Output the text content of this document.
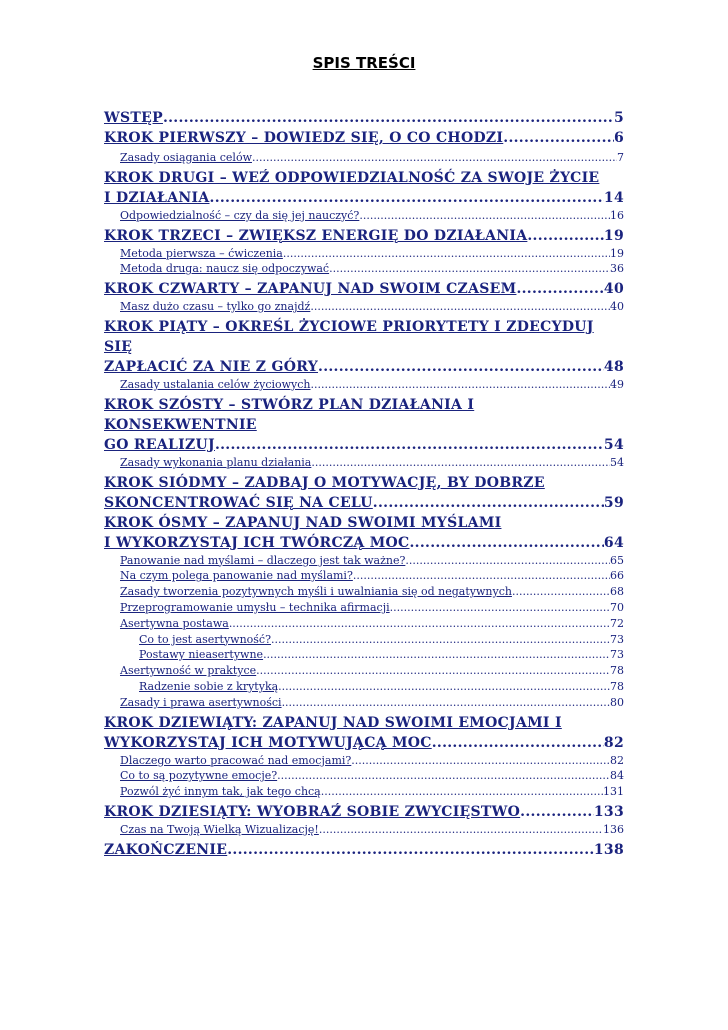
SPIS TREŚCI
WSTĘP .....	5
KROK PIERWSZY – DOWIEDZ SIĘ, O CO CHODZI .....	6
Zasady osiągania celów .....	7
KROK DRUGI – WEŹ ODPOWIEDZIALNOŚĆ ZA SWOJE ŻYCIE
I DZIAŁANIA .....	14
Odpowiedzialność – czy da się jej nauczyć? .....	16
KROK TRZECI – ZWIĘKSZ ENERGIĘ DO DZIAŁANIA .....	19
Metoda pierwsza – ćwiczenia .....	19
Metoda druga: naucz się odpoczywać .....	36
KROK CZWARTY – ZAPANUJ NAD SWOIM CZASEM .....	40
Masz dużo czasu – tylko go znajdź .....	40
KROK PIĄTY – OKREŚL ŻYCIOWE PRIORYTETY I ZDECYDUJ SIĘ
ZAPŁACIĆ ZA NIE Z GÓRY .....	48
Zasady ustalania celów życiowych .....	49
KROK SZÓSTY – STWÓRZ PLAN DZIAŁANIA I KONSEKWENTNIE
GO REALIZUJ .....	54
Zasady wykonania planu działania .....	54
KROK SIÓDMY – ZADBAJ O MOTYWACJĘ, BY DOBRZE
SKONCENTROWAĆ SIĘ NA CELU .....	59
KROK ÓSMY – ZAPANUJ NAD SWOIMI MYŚLAMI
I WYKORZYSTAJ ICH TWÓRCZĄ MOC .....	64
Panowanie nad myślami – dlaczego jest tak ważne? .....	65
Na czym polega panowanie nad myślami? .....	66
Zasady tworzenia pozytywnych myśli i uwalniania się od negatywnych .....	68
Przeprogramowanie umysłu – technika afirmacji .....	70
Asertywna postawa .....	72
Co to jest asertywność? .....	73
Postawy nieasertywne .....	73
Asertywność w praktyce .....	78
Radzenie sobie z krytyką .....	78
Zasady i prawa asertywności .....	80
KROK DZIEWIĄTY: ZAPANUJ NAD SWOIMI EMOCJAMI I
WYKORZYSTAJ ICH MOTYWUJĄCĄ MOC .....	82
Dlaczego warto pracować nad emocjami? .....	82
Co to są pozytywne emocje? .....	84
Pozwól żyć innym tak, jak tego chcą .....	131
KROK DZIESIĄTY: WYOBRAŹ SOBIE ZWYCIĘSTWO .....	133
Czas na Twoją Wielką Wizualizację! .....	136
ZAKOŃCZENIE .....	138
